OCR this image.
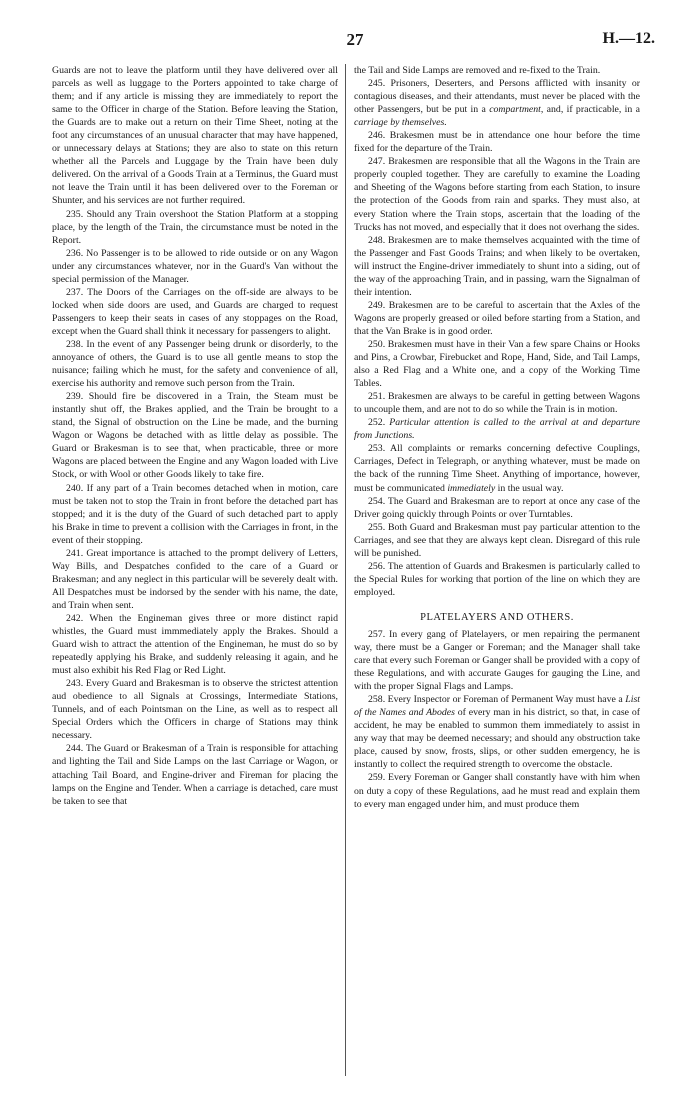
27	H.—12.

Guards are not to leave the platform until they have delivered over all parcels as well as luggage to the Porters appointed to take charge of them; and if any article is missing they are immediately to report the same to the Officer in charge of the Station. Before leaving the Station, the Guards are to make out a return on their Time Sheet, noting at the foot any circumstances of an unusual character that may have happened, or unnecessary delays at Stations; they are also to state on this return whether all the Parcels and Luggage by the Train have been duly delivered. On the arrival of a Goods Train at a Terminus, the Guard must not leave the Train until it has been delivered over to the Foreman or Shunter, and his services are not further required.

235. Should any Train overshoot the Station Platform at a stopping place, by the length of the Train, the circumstance must be noted in the Report.

236. No Passenger is to be allowed to ride outside or on any Wagon under any circumstances whatever, nor in the Guard's Van without the special permission of the Manager.

237. The Doors of the Carriages on the off-side are always to be locked when side doors are used, and Guards are charged to request Passengers to keep their seats in cases of any stoppages on the Road, except when the Guard shall think it necessary for passengers to alight.

238. In the event of any Passenger being drunk or disorderly, to the annoyance of others, the Guard is to use all gentle means to stop the nuisance; failing which he must, for the safety and convenience of all, exercise his authority and remove such person from the Train.

239. Should fire be discovered in a Train, the Steam must be instantly shut off, the Brakes applied, and the Train be brought to a stand, the Signal of obstruction on the Line be made, and the burning Wagon or Wagons be detached with as little delay as possible. The Guard or Brakesman is to see that, when practicable, three or more Wagons are placed between the Engine and any Wagon loaded with Live Stock, or with Wool or other Goods likely to take fire.

240. If any part of a Train becomes detached when in motion, care must be taken not to stop the Train in front before the detached part has stopped; and it is the duty of the Guard of such detached part to apply his Brake in time to prevent a collision with the Carriages in front, in the event of their stopping.

241. Great importance is attached to the prompt delivery of Letters, Way Bills, and Despatches confided to the care of a Guard or Brakesman; and any neglect in this particular will be severely dealt with. All Despatches must be indorsed by the sender with his name, the date, and Train when sent.

242. When the Engineman gives three or more distinct rapid whistles, the Guard must immmediately apply the Brakes. Should a Guard wish to attract the attention of the Engineman, he must do so by repeatedly applying his Brake, and suddenly releasing it again, and he must also exhibit his Red Flag or Red Light.

243. Every Guard and Brakesman is to observe the strictest attention aud obedience to all Signals at Crossings, Intermediate Stations, Tunnels, and of each Pointsman on the Line, as well as to respect all Special Orders which the Officers in charge of Stations may think necessary.

244. The Guard or Brakesman of a Train is responsible for attaching and lighting the Tail and Side Lamps on the last Carriage or Wagon, or attaching Tail Board, and Engine-driver and Fireman for placing the lamps on the Engine and Tender. When a carriage is detached, care must be taken to see that

the Tail and Side Lamps are removed and re-fixed to the Train.

245. Prisoners, Deserters, and Persons afflicted with insanity or contagious diseases, and their attendants, must never be placed with the other Passengers, but be put in a compartment, and, if practicable, in a carriage by themselves.

246. Brakesmen must be in attendance one hour before the time fixed for the departure of the Train.

247. Brakesmen are responsible that all the Wagons in the Train are properly coupled together. They are carefully to examine the Loading and Sheeting of the Wagons before starting from each Station, to insure the protection of the Goods from rain and sparks. They must also, at every Station where the Train stops, ascertain that the loading of the Trucks has not moved, and especially that it does not overhang the sides.

248. Brakesmen are to make themselves acquainted with the time of the Passenger and Fast Goods Trains; and when likely to be overtaken, will instruct the Engine-driver immediately to shunt into a siding, out of the way of the approaching Train, and in passing, warn the Signalman of their intention.

249. Brakesmen are to be careful to ascertain that the Axles of the Wagons are properly greased or oiled before starting from a Station, and that the Van Brake is in good order.

250. Brakesmen must have in their Van a few spare Chains or Hooks and Pins, a Crowbar, Firebucket and Rope, Hand, Side, and Tail Lamps, also a Red Flag and a White one, and a copy of the Working Time Tables.

251. Brakesmen are always to be careful in getting between Wagons to uncouple them, and are not to do so while the Train is in motion.

252. Particular attention is called to the arrival at and departure from Junctions.

253. All complaints or remarks concerning defective Couplings, Carriages, Defect in Telegraph, or anything whatever, must be made on the back of the running Time Sheet. Anything of importance, however, must be communicated immediately in the usual way.

254. The Guard and Brakesman are to report at once any case of the Driver going quickly through Points or over Turntables.

255. Both Guard and Brakesman must pay particular attention to the Carriages, and see that they are always kept clean. Disregard of this rule will be punished.

256. The attention of Guards and Brakesmen is particularly called to the Special Rules for working that portion of the line on which they are employed.

PLATELAYERS AND OTHERS.

257. In every gang of Platelayers, or men repairing the permanent way, there must be a Ganger or Foreman; and the Manager shall take care that every such Foreman or Ganger shall be provided with a copy of these Regulations, and with accurate Gauges for gauging the Line, and with the proper Signal Flags and Lamps.

258. Every Inspector or Foreman of Permanent Way must have a List of the Names and Abodes of every man in his district, so that, in case of accident, he may be enabled to summon them immediately to assist in any way that may be deemed necessary; and should any obstruction take place, caused by snow, frosts, slips, or other sudden emergency, he is instantly to collect the required strength to overcome the obstacle.

259. Every Foreman or Ganger shall constantly have with him when on duty a copy of these Regulations, aad he must read and explain them to every man engaged under him, and must produce them
